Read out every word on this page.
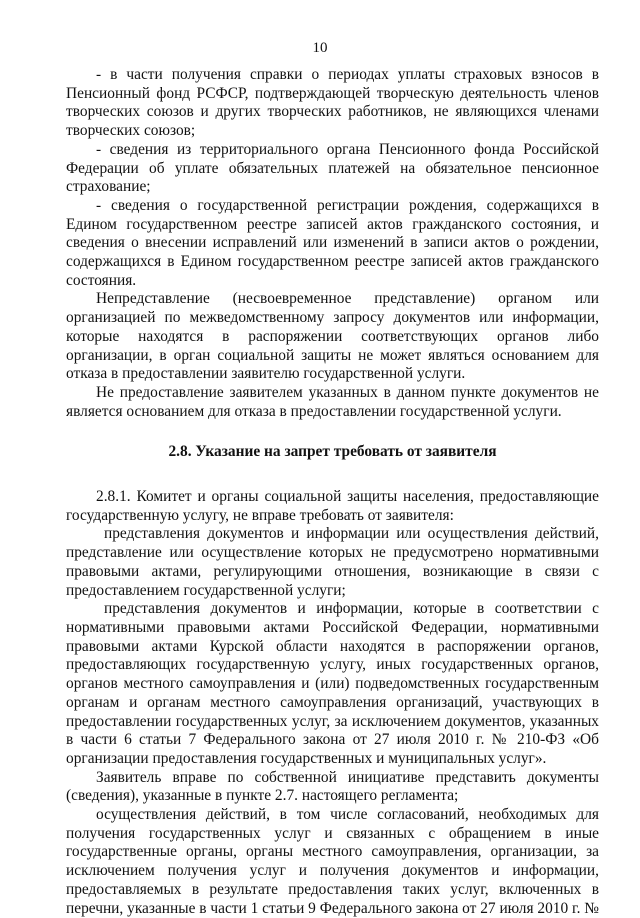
10

- в части получения справки о периодах уплаты страховых взносов в Пенсионный фонд РСФСР, подтверждающей творческую деятельность членов творческих союзов и других творческих работников, не являющихся членами творческих союзов;

- сведения из территориального органа Пенсионного фонда Российской Федерации об уплате обязательных платежей на обязательное пенсионное страхование;

- сведения о государственной регистрации рождения, содержащихся в Едином государственном реестре записей актов гражданского состояния, и сведения о внесении исправлений или изменений в записи актов о рождении, содержащихся в Едином государственном реестре записей актов гражданского состояния.

Непредставление (несвоевременное представление) органом или организацией по межведомственному запросу документов или информации, которые находятся в распоряжении соответствующих органов либо организации, в орган социальной защиты не может являться основанием для отказа в предоставлении заявителю государственной услуги.

Не предоставление заявителем указанных в данном пункте документов не является основанием для отказа в предоставлении государственной услуги.

2.8. Указание на запрет требовать от заявителя

2.8.1. Комитет и органы социальной защиты населения, предоставляющие государственную услугу, не вправе требовать от заявителя:

представления документов и информации или осуществления действий, представление или осуществление которых не предусмотрено нормативными правовыми актами, регулирующими отношения, возникающие в связи с предоставлением государственной услуги;

представления документов и информации, которые в соответствии с нормативными правовыми актами Российской Федерации, нормативными правовыми актами Курской области находятся в распоряжении органов, предоставляющих государственную услугу, иных государственных органов, органов местного самоуправления и (или) подведомственных государственным органам и органам местного самоуправления организаций, участвующих в предоставлении государственных услуг, за исключением документов, указанных в части 6 статьи 7 Федерального закона от 27 июля 2010 г. № 210-ФЗ «Об организации предоставления государственных и муниципальных услуг».

Заявитель вправе по собственной инициативе представить документы (сведения), указанные в пункте 2.7. настоящего регламента;

осуществления действий, в том числе согласований, необходимых для получения государственных услуг и связанных с обращением в иные государственные органы, органы местного самоуправления, организации, за исключением получения услуг и получения документов и информации, предоставляемых в результате предоставления таких услуг, включенных в перечни, указанные в части 1 статьи 9 Федерального закона от 27 июля 2010 г. №
